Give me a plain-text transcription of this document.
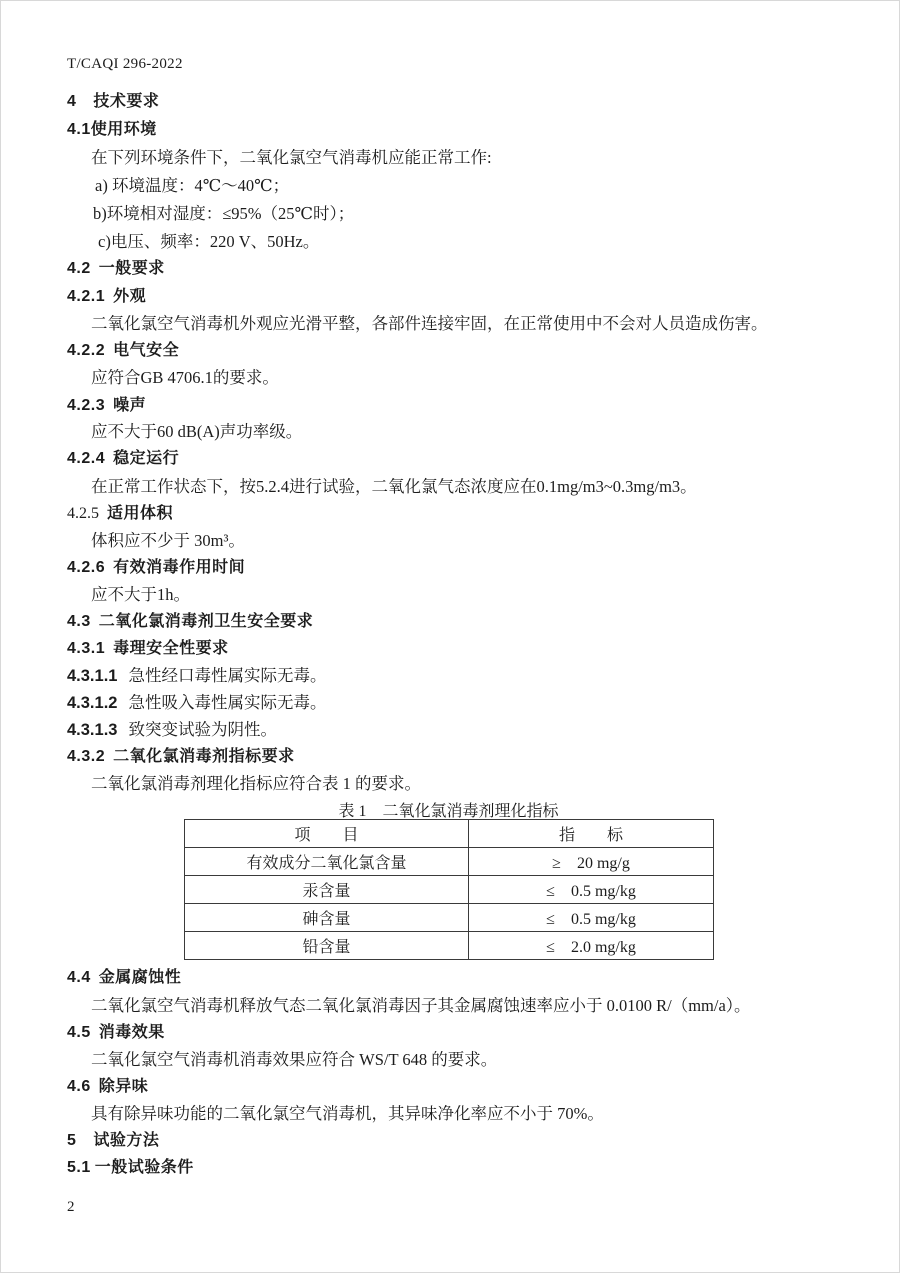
T/CAQI 296-2022
4 技术要求
4.1使用环境
在下列环境条件下，二氧化氯空气消毒机应能正常工作:
a) 环境温度：4℃～40℃；
b)环境相对湿度：≤95%（25℃时）；
c)电压、频率：220 V、50Hz。
4.2 一般要求
4.2.1 外观
二氧化氯空气消毒机外观应光滑平整，各部件连接牢固，在正常使用中不会对人员造成伤害。
4.2.2 电气安全
应符合GB 4706.1的要求。
4.2.3 噪声
应不大于60 dB(A)声功率级。
4.2.4 稳定运行
在正常工作状态下，按5.2.4进行试验，二氧化氯气态浓度应在0.1mg/m3~0.3mg/m3。
4.2.5 适用体积
体积应不少于 30m³。
4.2.6 有效消毒作用时间
应不大于1h。
4.3 二氧化氯消毒剂卫生安全要求
4.3.1 毒理安全性要求
4.3.1.1 急性经口毒性属实际无毒。
4.3.1.2 急性吸入毒性属实际无毒。
4.3.1.3 致突变试验为阴性。
4.3.2 二氧化氯消毒剂指标要求
二氧化氯消毒剂理化指标应符合表 1 的要求。
表 1　二氧化氯消毒剂理化指标
项　　目	指　　标
有效成分二氧化氯含量	≥　20 mg/g
汞含量	≤　0.5 mg/kg
砷含量	≤　0.5 mg/kg
铅含量	≤　2.0 mg/kg
4.4 金属腐蚀性
二氧化氯空气消毒机释放气态二氧化氯消毒因子其金属腐蚀速率应小于 0.0100 R/（mm/a）。
4.5 消毒效果
二氧化氯空气消毒机消毒效果应符合 WS/T 648 的要求。
4.6 除异味
具有除异味功能的二氧化氯空气消毒机，其异味净化率应不小于 70%。
5 试验方法
5.1 一般试验条件
2
